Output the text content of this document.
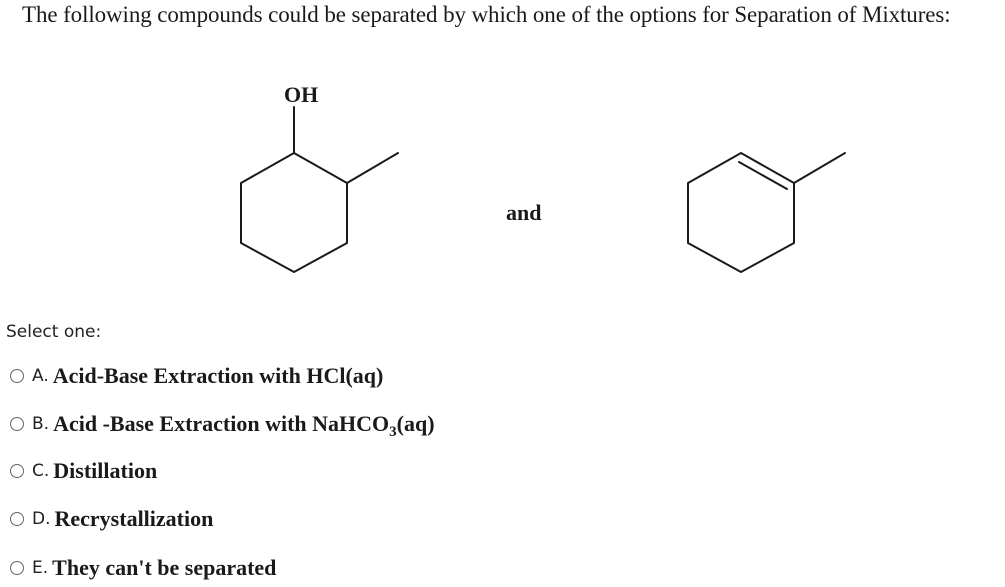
The following compounds could be separated by which one of the options for Separation of Mixtures:
OH
and
Select one:
A. Acid-Base Extraction with HCl(aq)
B. Acid -Base Extraction with NaHCO$_3$(aq)
C. Distillation
D. Recrystallization
E. They can't be separated
